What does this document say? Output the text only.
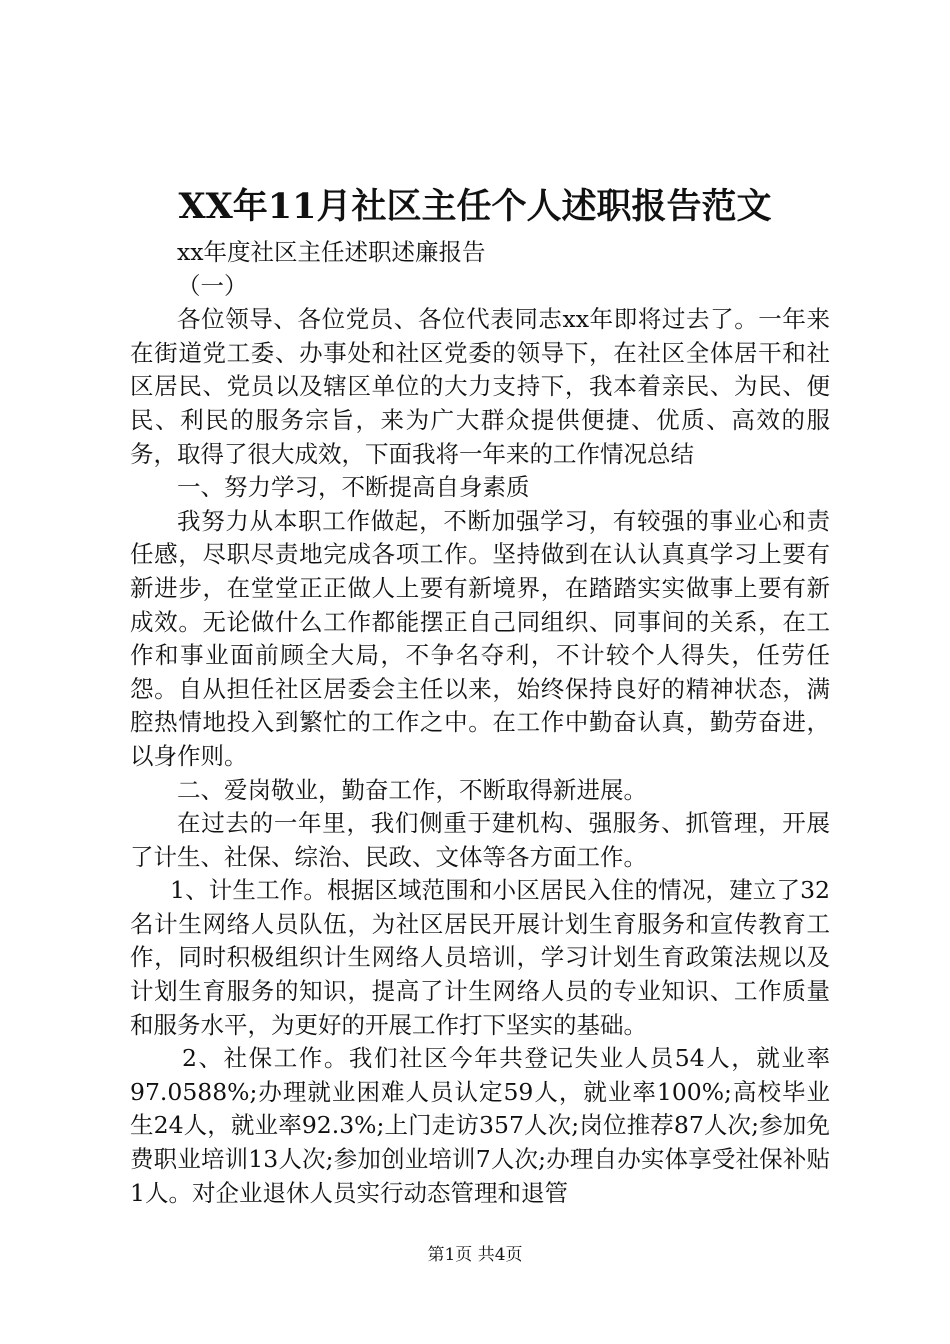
XX年11月社区主任个人述职报告范文

xx年度社区主任述职述廉报告

（一）

各位领导、各位党员、各位代表同志xx年即将过去了。一年来在街道党工委、办事处和社区党委的领导下，在社区全体居干和社区居民、党员以及辖区单位的大力支持下，我本着亲民、为民、便民、利民的服务宗旨，来为广大群众提供便捷、优质、高效的服务，取得了很大成效，下面我将一年来的工作情况总结

一、努力学习，不断提高自身素质

我努力从本职工作做起，不断加强学习，有较强的事业心和责任感，尽职尽责地完成各项工作。坚持做到在认认真真学习上要有新进步，在堂堂正正做人上要有新境界，在踏踏实实做事上要有新成效。无论做什么工作都能摆正自己同组织、同事间的关系，在工作和事业面前顾全大局，不争名夺利，不计较个人得失，任劳任怨。自从担任社区居委会主任以来，始终保持良好的精神状态，满腔热情地投入到繁忙的工作之中。在工作中勤奋认真，勤劳奋进，以身作则。

二、爱岗敬业，勤奋工作，不断取得新进展。

在过去的一年里，我们侧重于建机构、强服务、抓管理，开展了计生、社保、综治、民政、文体等各方面工作。

1、计生工作。根据区域范围和小区居民入住的情况，建立了32名计生网络人员队伍，为社区居民开展计划生育服务和宣传教育工作，同时积极组织计生网络人员培训，学习计划生育政策法规以及计划生育服务的知识，提高了计生网络人员的专业知识、工作质量和服务水平，为更好的开展工作打下坚实的基础。

2、社保工作。我们社区今年共登记失业人员54人，就业率97.0588%;办理就业困难人员认定59人，就业率100%;高校毕业生24人，就业率92.3%;上门走访357人次;岗位推荐87人次;参加免费职业培训13人次;参加创业培训7人次;办理自办实体享受社保补贴1人。对企业退休人员实行动态管理和退管

第1页 共4页
